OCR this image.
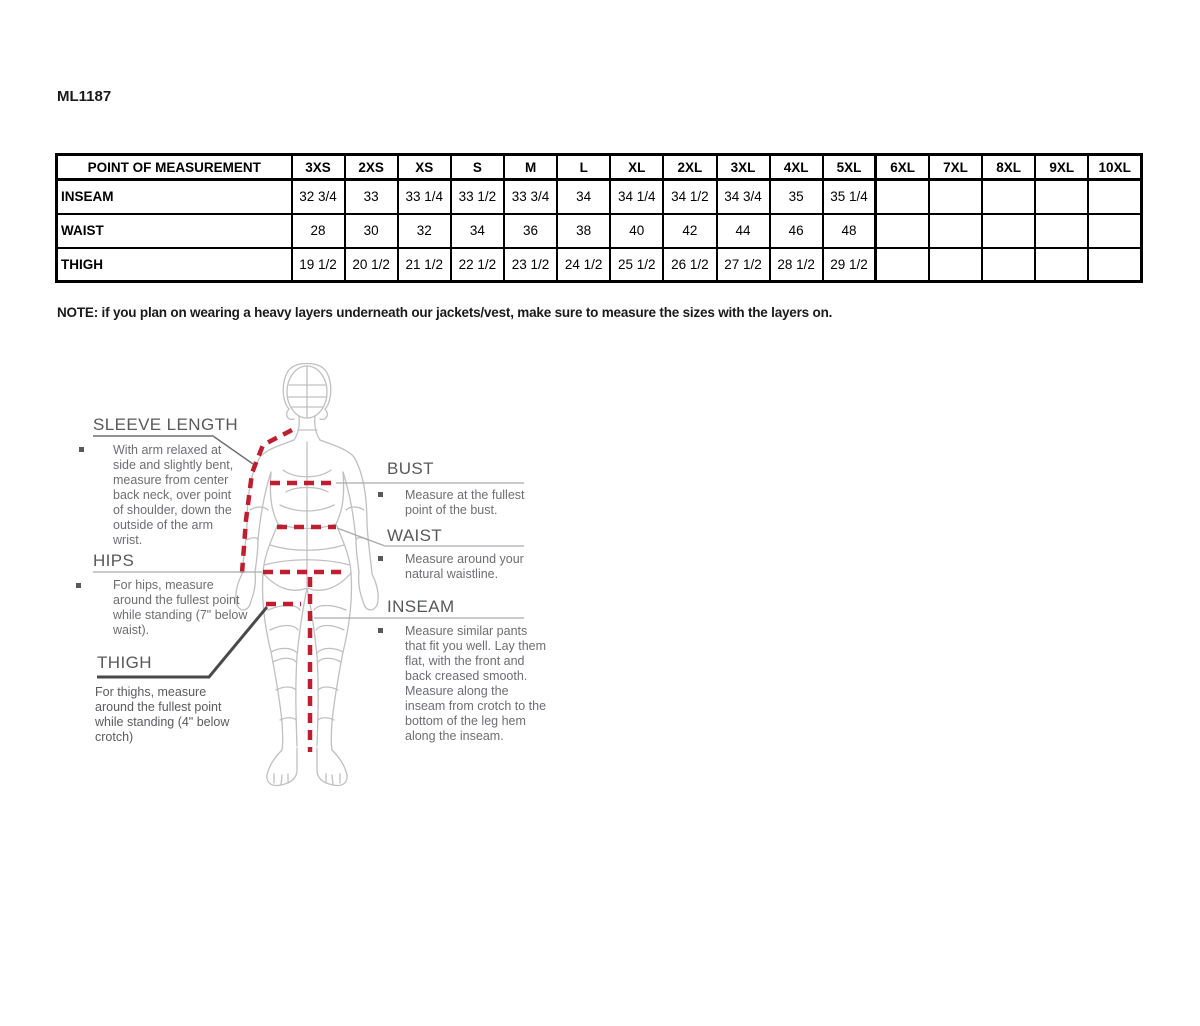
ML1187
POINT OF MEASUREMENT	3XS	2XS	XS	S	M	L	XL	2XL	3XL	4XL	5XL	6XL	7XL	8XL	9XL	10XL
INSEAM	32 3/4	33	33 1/4	33 1/2	33 3/4	34	34 1/4	34 1/2	34 3/4	35	35 1/4					
WAIST	28	30	32	34	36	38	40	42	44	46	48					
THIGH	19 1/2	20 1/2	21 1/2	22 1/2	23 1/2	24 1/2	25 1/2	26 1/2	27 1/2	28 1/2	29 1/2					
NOTE: if you plan on wearing a heavy layers underneath our jackets/vest, make sure to measure the sizes with the layers on.
SLEEVE LENGTH
With arm relaxed at side and slightly bent, measure from center back neck, over point of shoulder, down the outside of the arm wrist.
HIPS
For hips, measure around the fullest point while standing (7" below waist).
THIGH
For thighs, measure around the fullest point while standing (4" below crotch)
BUST
Measure at the fullest point of the bust.
WAIST
Measure around your natural waistline.
INSEAM
Measure similar pants that fit you well. Lay them flat, with the front and back creased smooth. Measure along the inseam from crotch to the bottom of the leg hem along the inseam.
